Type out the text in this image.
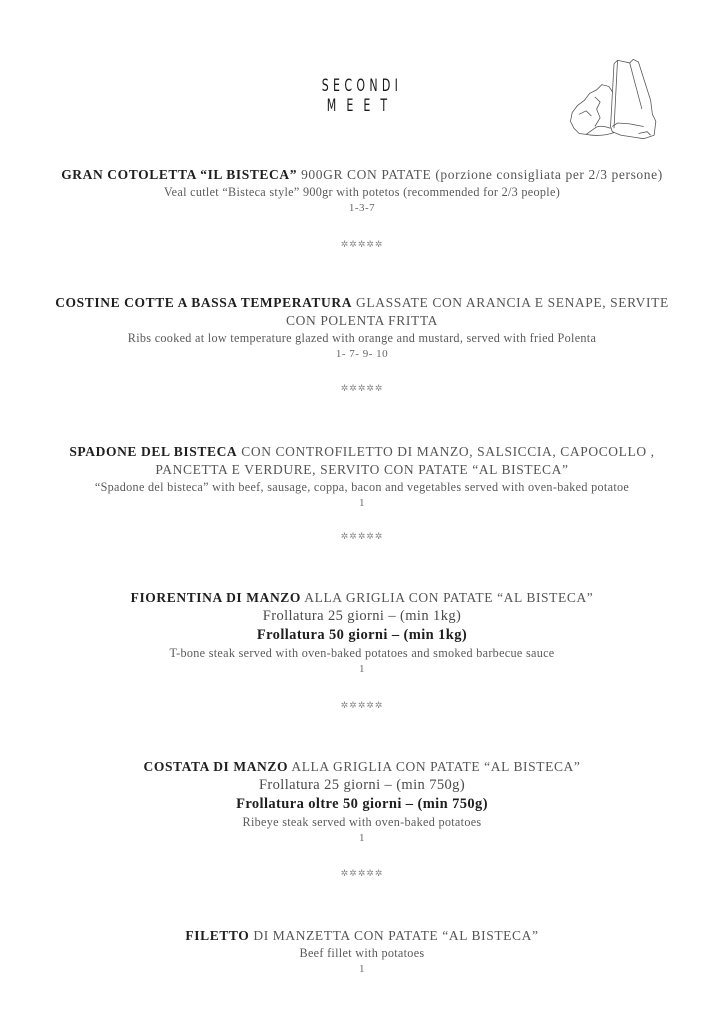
SECONDI
MEET
GRAN COTOLETTA “IL BISTECA” 900GR CON PATATE (porzione consigliata per 2/3 persone)
Veal cutlet “Bisteca style” 900gr with potetos (recommended for 2/3 people)
1-3-7
✲✲✲✲✲
COSTINE COTTE A BASSA TEMPERATURA GLASSATE CON ARANCIA E SENAPE, SERVITE
CON POLENTA FRITTA
Ribs cooked at low temperature glazed with orange and mustard, served with fried Polenta
1- 7- 9- 10
✲✲✲✲✲
SPADONE DEL BISTECA CON CONTROFILETTO DI MANZO, SALSICCIA, CAPOCOLLO ,
PANCETTA E VERDURE, SERVITO CON PATATE “AL BISTECA”
“Spadone del bisteca” with beef, sausage, coppa, bacon and vegetables served with oven-baked potatoe
1
✲✲✲✲✲
FIORENTINA DI MANZO ALLA GRIGLIA CON PATATE “AL BISTECA”
Frollatura 25 giorni – (min 1kg)
Frollatura 50 giorni – (min 1kg)
T-bone steak served with oven-baked potatoes and smoked barbecue sauce
1
✲✲✲✲✲
COSTATA DI MANZO ALLA GRIGLIA CON PATATE “AL BISTECA”
Frollatura 25 giorni – (min 750g)
Frollatura oltre 50 giorni – (min 750g)
Ribeye steak served with oven-baked potatoes
1
✲✲✲✲✲
FILETTO DI MANZETTA CON PATATE “AL BISTECA”
Beef fillet with potatoes
1
